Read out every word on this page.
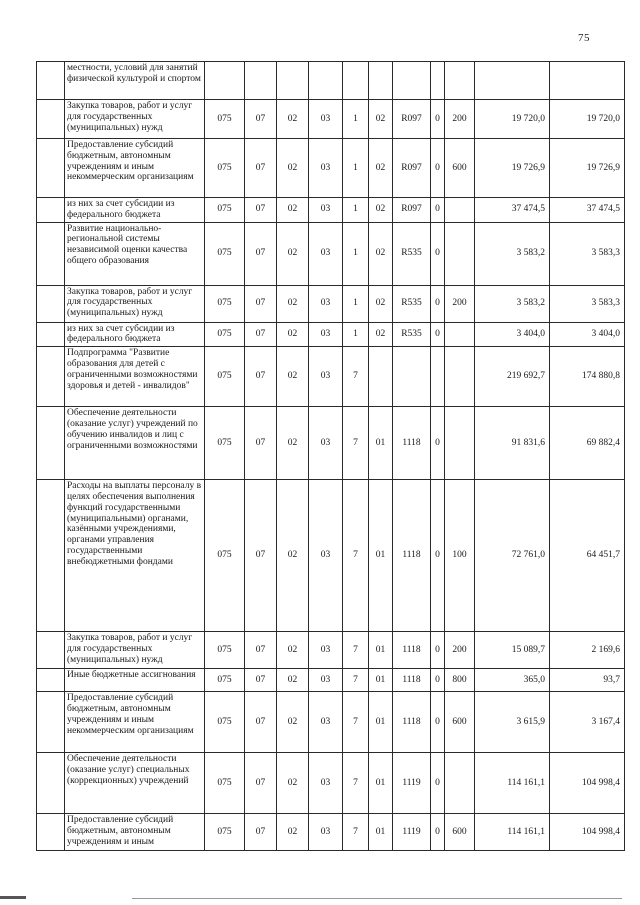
75
	местности, условий для занятий физической культурой и спортом											
	Закупка товаров, работ и услуг для государственных (муниципальных) нужд	075	07	02	03	1	02	R097	0	200	19 720,0	19 720,0
	Предоставление субсидий бюджетным, автономным учреждениям и иным некоммерческим организациям	075	07	02	03	1	02	R097	0	600	19 726,9	19 726,9
	из них за счет субсидии из федерального бюджета	075	07	02	03	1	02	R097	0		37 474,5	37 474,5
	Развитие национально-региональной системы независимой оценки качества общего образования	075	07	02	03	1	02	R535	0		3 583,2	3 583,3
	Закупка товаров, работ и услуг для государственных (муниципальных) нужд	075	07	02	03	1	02	R535	0	200	3 583,2	3 583,3
	из них за счет субсидии из федерального бюджета	075	07	02	03	1	02	R535	0		3 404,0	3 404,0
	Подпрограмма "Развитие образования для детей с ограниченными возможностями здоровья и детей - инвалидов"	075	07	02	03	7					219 692,7	174 880,8
	Обеспечение деятельности (оказание услуг) учреждений по обучению инвалидов и лиц с ограниченными возможностями	075	07	02	03	7	01	1118	0		91 831,6	69 882,4
	Расходы на выплаты персоналу в целях обеспечения выполнения функций государственными (муниципальными) органами, казёнными учреждениями, органами управления государственными внебюджетными фондами	075	07	02	03	7	01	1118	0	100	72 761,0	64 451,7
	Закупка товаров, работ и услуг для государственных (муниципальных) нужд	075	07	02	03	7	01	1118	0	200	15 089,7	2 169,6
	Иные бюджетные ассигнования	075	07	02	03	7	01	1118	0	800	365,0	93,7
	Предоставление субсидий бюджетным, автономным учреждениям и иным некоммерческим организациям	075	07	02	03	7	01	1118	0	600	3 615,9	3 167,4
	Обеспечение деятельности (оказание услуг) специальных (коррекционных) учреждений	075	07	02	03	7	01	1119	0		114 161,1	104 998,4
	Предоставление субсидий бюджетным, автономным учреждениям и иным	075	07	02	03	7	01	1119	0	600	114 161,1	104 998,4
